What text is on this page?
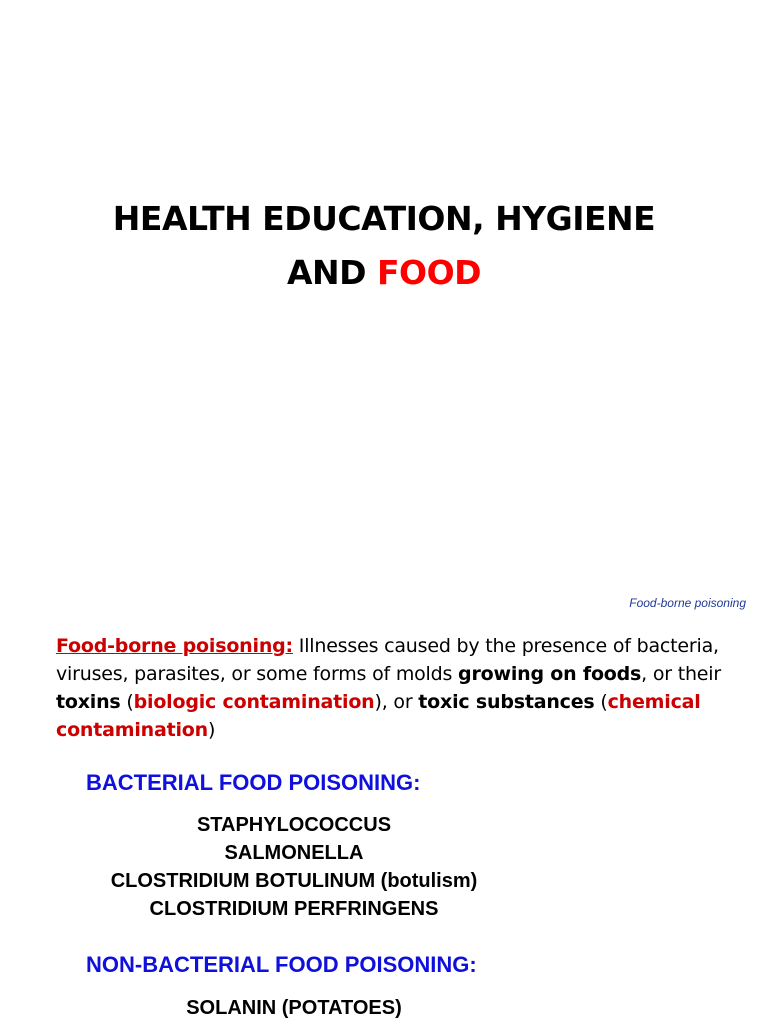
HEALTH EDUCATION, HYGIENE
AND FOOD
Food-borne poisoning
Food-borne poisoning: Illnesses caused by the presence of bacteria, viruses, parasites, or some forms of molds growing on foods, or their toxins (biologic contamination), or toxic substances (chemical contamination)
BACTERIAL FOOD POISONING:
STAPHYLOCOCCUS
SALMONELLA
CLOSTRIDIUM BOTULINUM (botulism)
CLOSTRIDIUM PERFRINGENS
NON-BACTERIAL FOOD POISONING:
SOLANIN (POTATOES)
